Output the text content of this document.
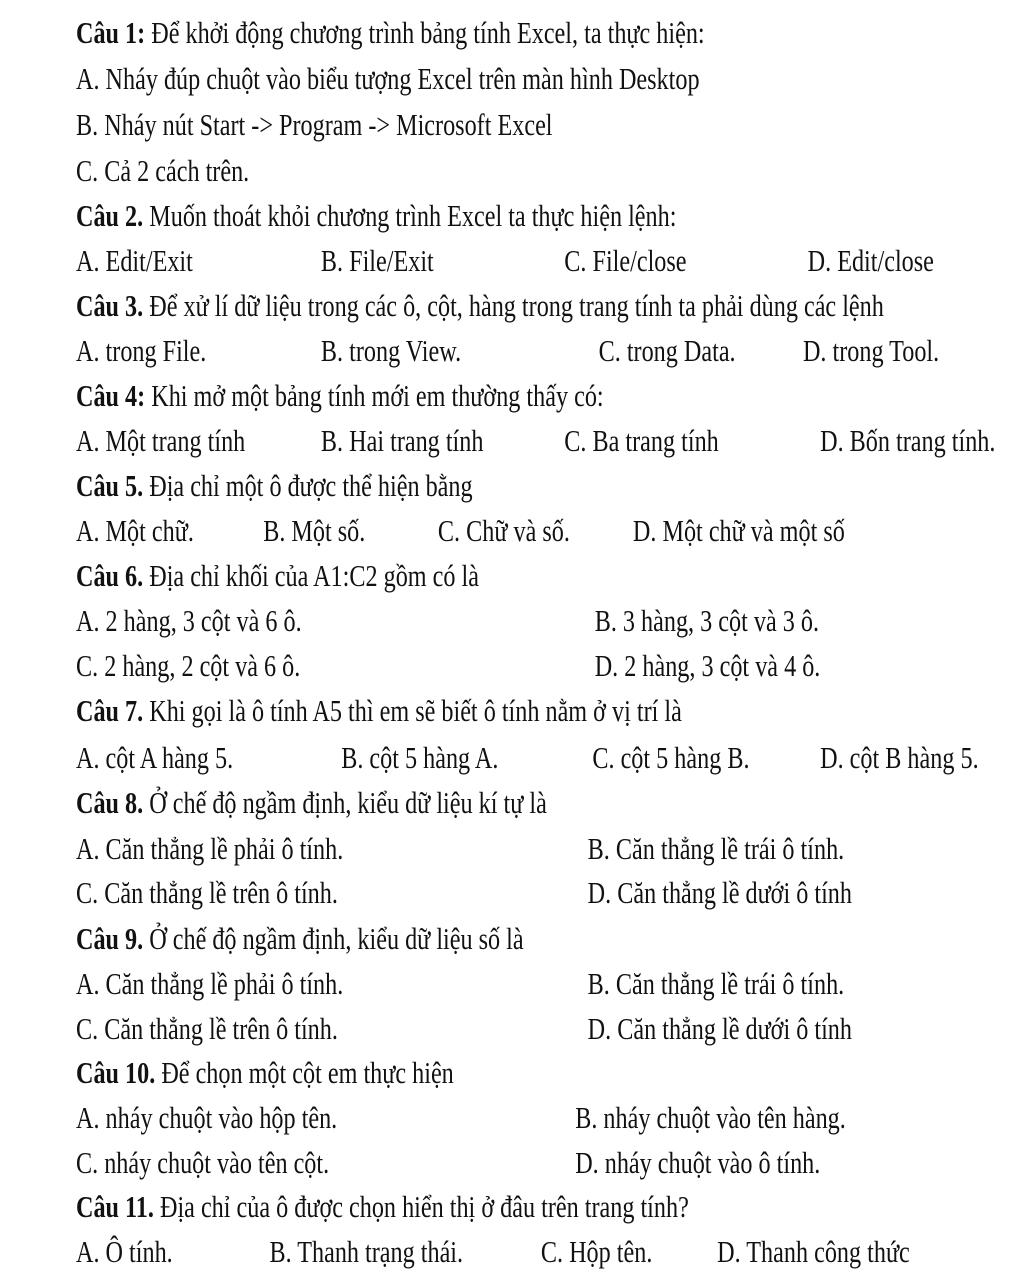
Câu 1: Để khởi động chương trình bảng tính Excel, ta thực hiện:
A. Nháy đúp chuột vào biểu tượng Excel trên màn hình Desktop
B. Nháy nút Start -> Program -> Microsoft Excel
C. Cả 2 cách trên.
Câu 2. Muốn thoát khỏi chương trình Excel ta thực hiện lệnh:
A. Edit/Exit	B. File/Exit	C. File/close	D. Edit/close
Câu 3. Để xử lí dữ liệu trong các ô, cột, hàng trong trang tính ta phải dùng các lệnh
A. trong File.	B. trong View.	C. trong Data. D. trong Tool.
Câu 4: Khi mở một bảng tính mới em thường thấy có:
A. Một trang tính B. Hai trang tính	C. Ba trang tính	D. Bốn trang tính.
Câu 5. Địa chỉ một ô được thể hiện bằng
A. Một chữ. B. Một số. C. Chữ và số. D. Một chữ và một số
Câu 6. Địa chỉ khối của A1:C2 gồm có là
A. 2 hàng, 3 cột và 6 ô.	B. 3 hàng, 3 cột và 3 ô.
C. 2 hàng, 2 cột và 6 ô.	D. 2 hàng, 3 cột và 4 ô.
Câu 7. Khi gọi là ô tính A5 thì em sẽ biết ô tính nằm ở vị trí là
A. cột A hàng 5.	B. cột 5 hàng A.	C. cột 5 hàng B. D. cột B hàng 5.
Câu 8. Ở chế độ ngầm định, kiểu dữ liệu kí tự là
A. Căn thẳng lề phải ô tính.	B. Căn thẳng lề trái ô tính.
C. Căn thẳng lề trên ô tính.	D. Căn thẳng lề dưới ô tính
Câu 9. Ở chế độ ngầm định, kiểu dữ liệu số là
A. Căn thẳng lề phải ô tính.	B. Căn thẳng lề trái ô tính.
C. Căn thẳng lề trên ô tính.	D. Căn thẳng lề dưới ô tính
Câu 10. Để chọn một cột em thực hiện
A. nháy chuột vào hộp tên.	B. nháy chuột vào tên hàng.
C. nháy chuột vào tên cột.	D. nháy chuột vào ô tính.
Câu 11. Địa chỉ của ô được chọn hiển thị ở đâu trên trang tính?
A. Ô tính.	B. Thanh trạng thái.	C. Hộp tên. D. Thanh công thức
